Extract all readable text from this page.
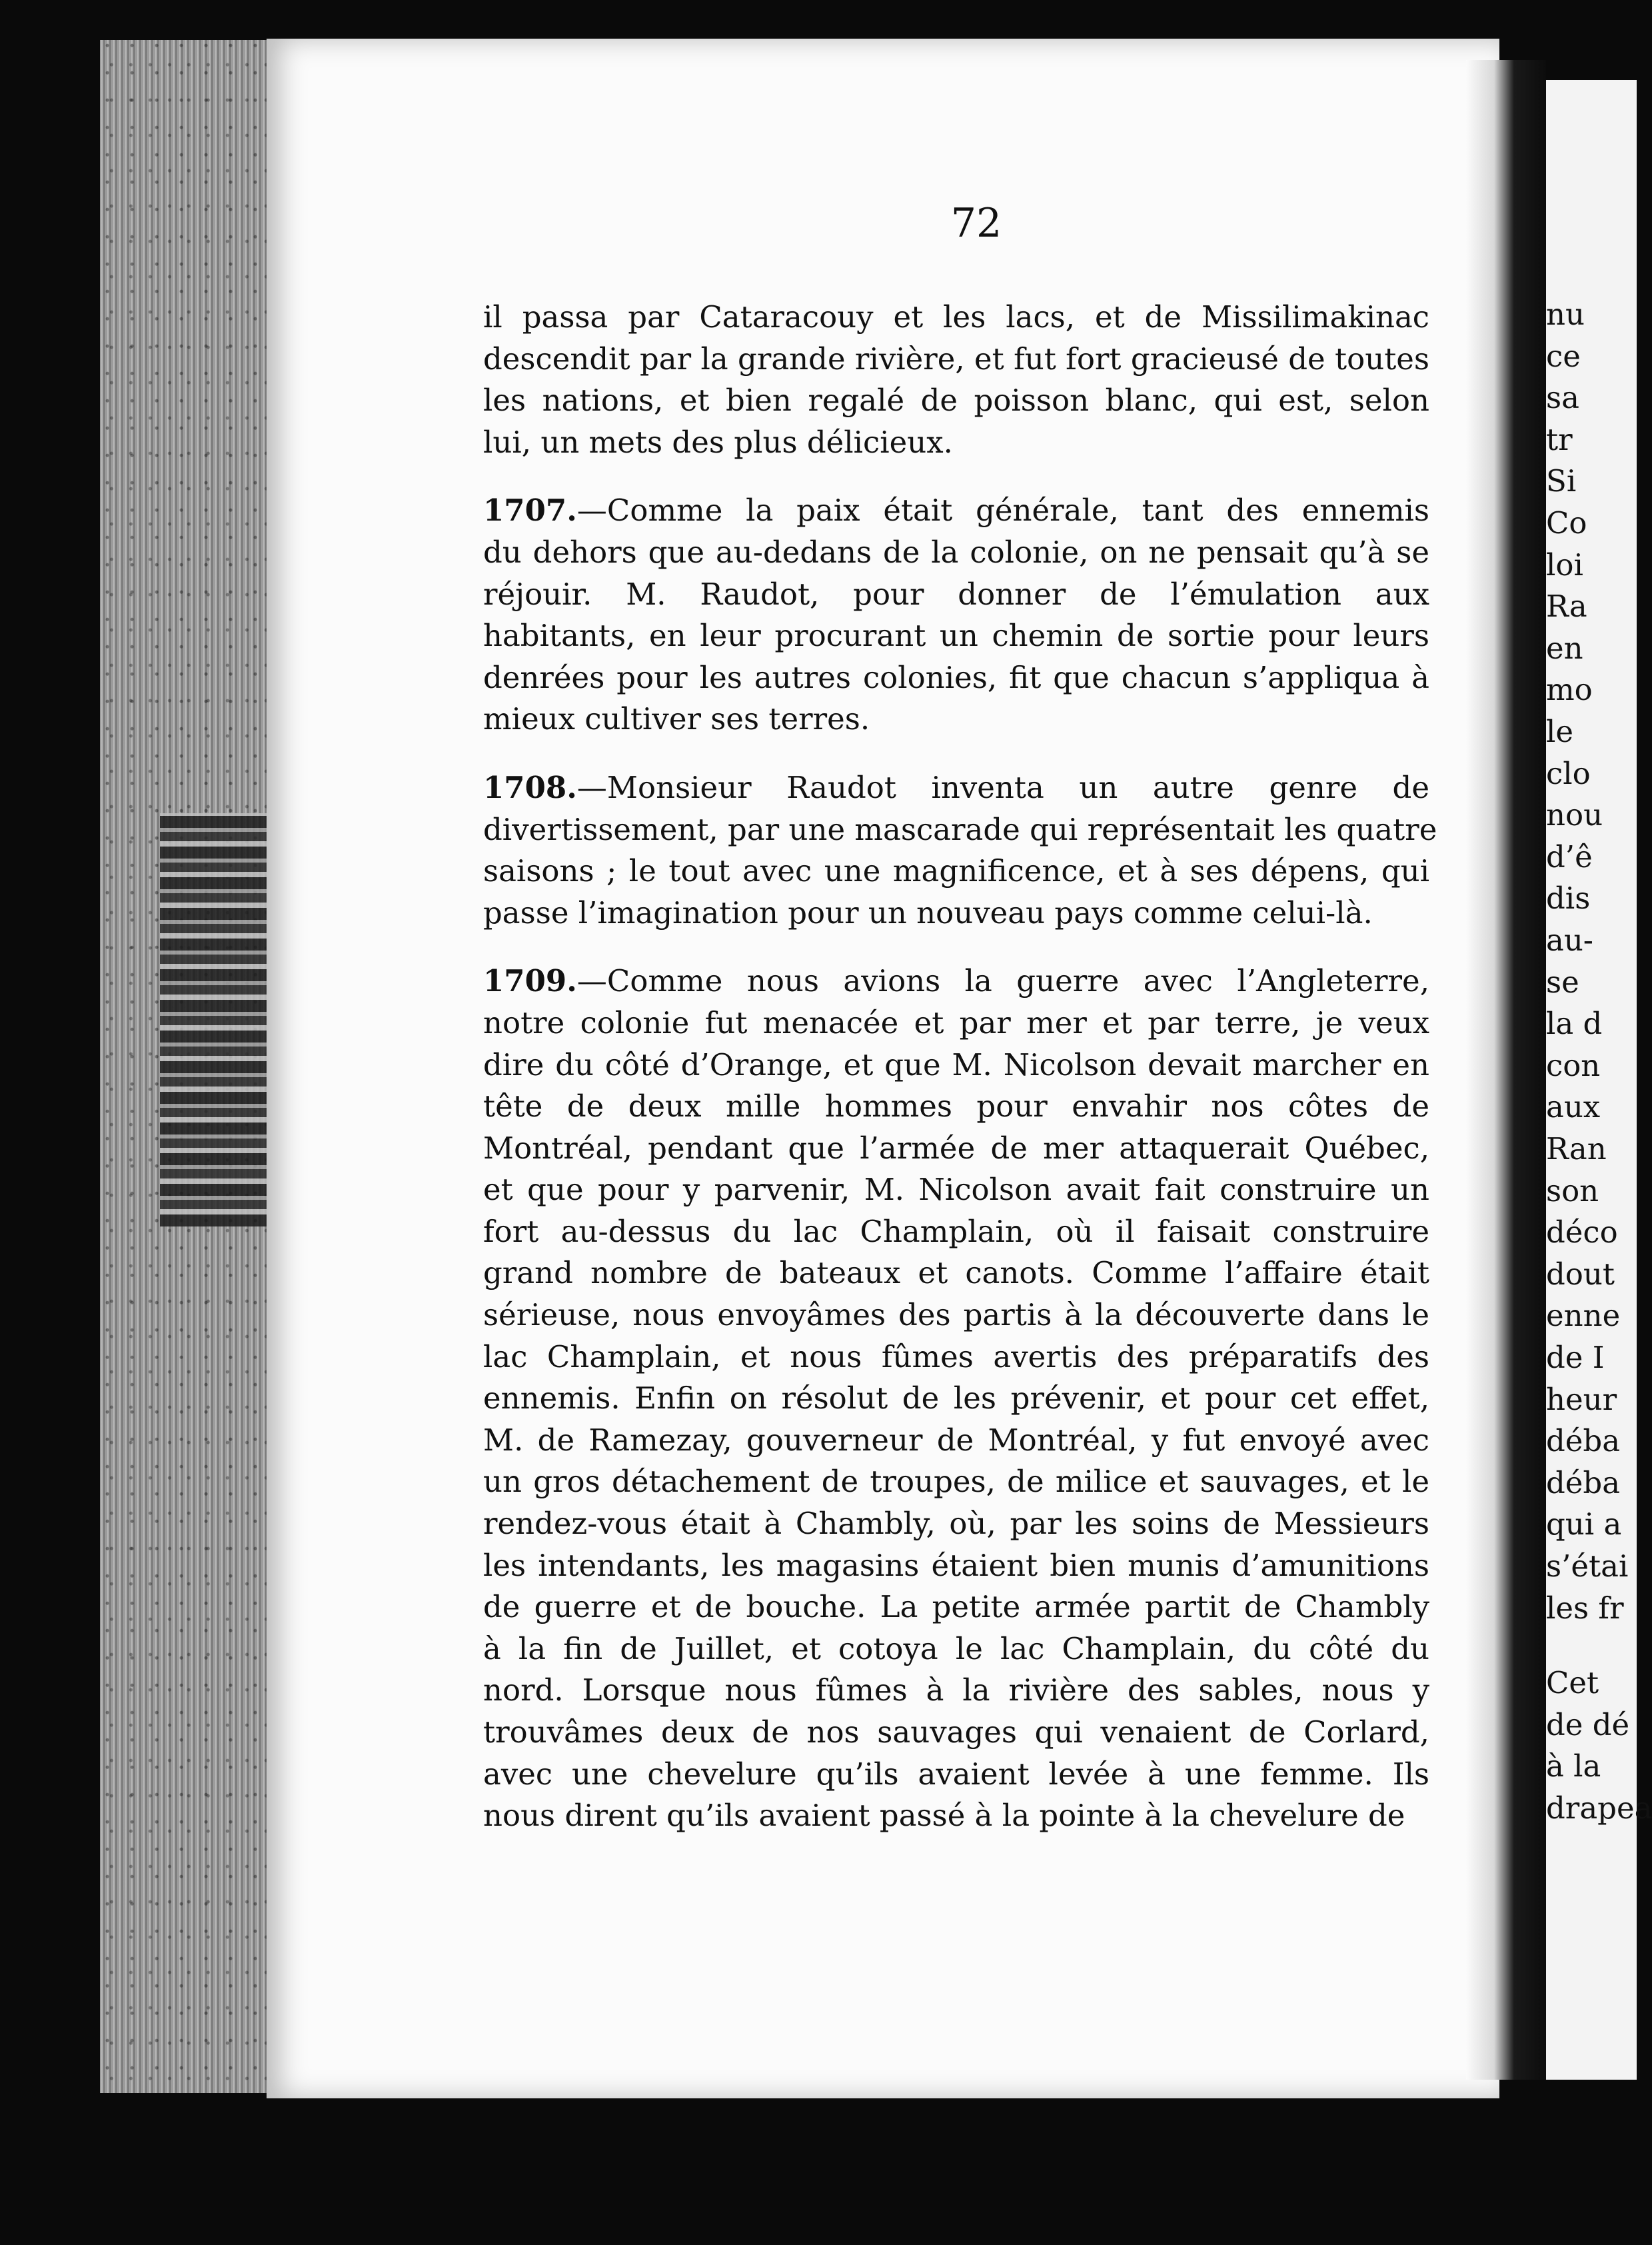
72
il passa par Cataracouy et les lacs, et de Missilimakinac
descendit par la grande rivière, et fut fort gracieusé de toutes
les nations, et bien regalé de poisson blanc, qui est, selon
lui, un mets des plus délicieux.
1707.—Comme la paix était générale, tant des ennemis
du dehors que au-dedans de la colonie, on ne pensait qu’à se
réjouir. M. Raudot, pour donner de l’émulation aux
habitants, en leur procurant un chemin de sortie pour leurs
denrées pour les autres colonies, fit que chacun s’appliqua à
mieux cultiver ses terres.
1708.—Monsieur Raudot inventa un autre genre de
divertissement, par une mascarade qui représentait les quatre
saisons ; le tout avec une magnificence, et à ses dépens, qui
passe l’imagination pour un nouveau pays comme celui-là.
1709.—Comme nous avions la guerre avec l’Angleterre,
notre colonie fut menacée et par mer et par terre, je veux
dire du côté d’Orange, et que M. Nicolson devait marcher en
tête de deux mille hommes pour envahir nos côtes de
Montréal, pendant que l’armée de mer attaquerait Québec,
et que pour y parvenir, M. Nicolson avait fait construire un
fort au-dessus du lac Champlain, où il faisait construire
grand nombre de bateaux et canots. Comme l’affaire était
sérieuse, nous envoyâmes des partis à la découverte dans le
lac Champlain, et nous fûmes avertis des préparatifs des
ennemis. Enfin on résolut de les prévenir, et pour cet effet,
M. de Ramezay, gouverneur de Montréal, y fut envoyé avec
un gros détachement de troupes, de milice et sauvages, et le
rendez-vous était à Chambly, où, par les soins de Messieurs
les intendants, les magasins étaient bien munis d’amunitions
de guerre et de bouche. La petite armée partit de Chambly
à la fin de Juillet, et cotoya le lac Champlain, du côté du
nord. Lorsque nous fûmes à la rivière des sables, nous y
trouvâmes deux de nos sauvages qui venaient de Corlard,
avec une chevelure qu’ils avaient levée à une femme. Ils
nous dirent qu’ils avaient passé à la pointe à la chevelure de
nu
ce
sa
tr
Si
Co
loi
Ra
en
mo
le
clo
nou
d’ê
dis
au-
se
la d
con
aux
Ran
son
déco
dout
enne
de I
heur
déba
déba
qui a
s’étai
les fr
Cet
de dé
à la
drapea
